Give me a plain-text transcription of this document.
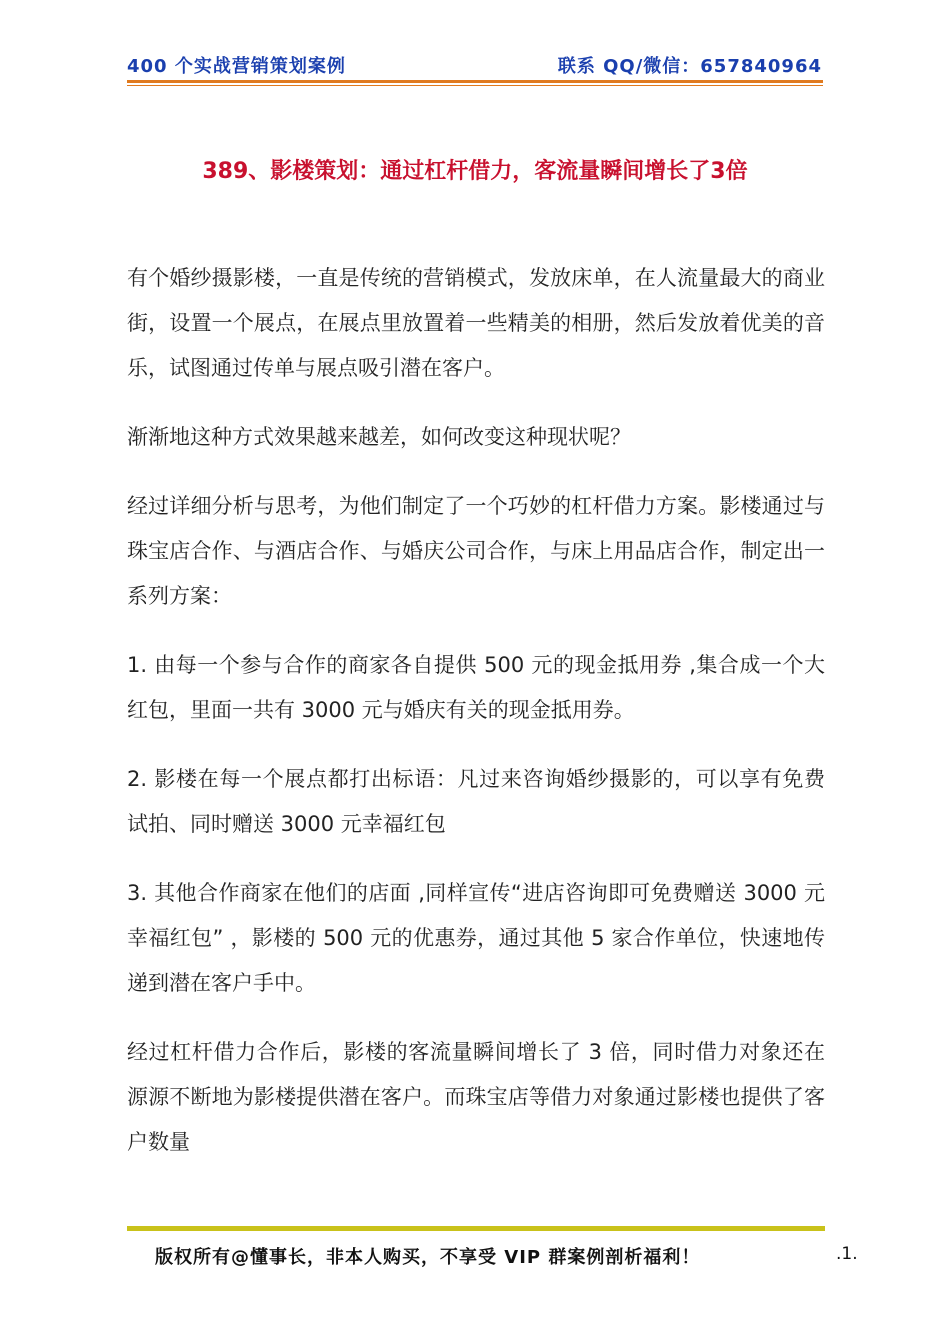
400 个实战营销策划案例	联系 QQ/微信：657840964
389、影楼策划：通过杠杆借力，客流量瞬间增长了3倍

有个婚纱摄影楼，一直是传统的营销模式，发放床单，在人流量最大的商业街，设置一个展点，在展点里放置着一些精美的相册，然后发放着优美的音乐，试图通过传单与展点吸引潜在客户。

渐渐地这种方式效果越来越差，如何改变这种现状呢？

经过详细分析与思考，为他们制定了一个巧妙的杠杆借力方案。影楼通过与珠宝店合作、与酒店合作、与婚庆公司合作，与床上用品店合作，制定出一系列方案：

1. 由每一个参与合作的商家各自提供 500 元的现金抵用券 ,集合成一个大红包，里面一共有 3000 元与婚庆有关的现金抵用券。

2. 影楼在每一个展点都打出标语：凡过来咨询婚纱摄影的，可以享有免费试拍、同时赠送 3000 元幸福红包

3. 其他合作商家在他们的店面 ,同样宣传“进店咨询即可免费赠送 3000 元幸福红包” ，影楼的 500 元的优惠券，通过其他 5 家合作单位，快速地传递到潜在客户手中。

经过杠杆借力合作后，影楼的客流量瞬间增长了 3 倍，同时借力对象还在源源不断地为影楼提供潜在客户。而珠宝店等借力对象通过影楼也提供了客户数量

版权所有@懂事长，非本人购买，不享受 VIP 群案例剖析福利！	.1.
